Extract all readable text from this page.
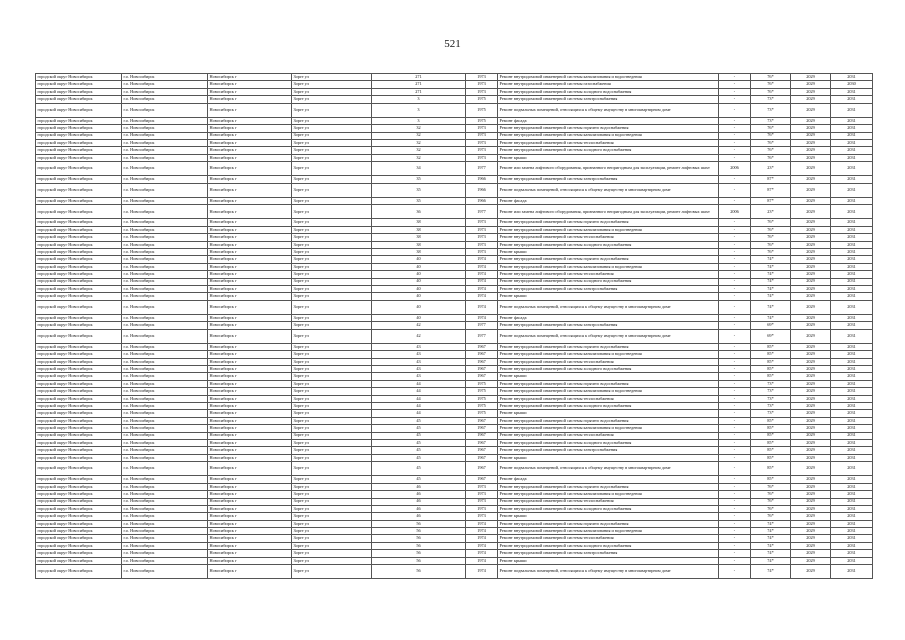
521
городской округ Новосибирск	г.о. Новосибирск	Новосибирск г	Зорге ул	271	1973	Ремонт внутридомовой инженерной системы канализования и водоотведения	-	76*	2029	2031
городской округ Новосибирск	г.о. Новосибирск	Новосибирск г	Зорге ул	271	1973	Ремонт внутридомовой инженерной системы газоснабжения	-	76*	2029	2030
городской округ Новосибирск	г.о. Новосибирск	Новосибирск г	Зорге ул	271	1973	Ремонт внутридомовой инженерной системы холодного водоснабжения	-	76*	2029	2031
городской округ Новосибирск	г.о. Новосибирск	Новосибирск г	Зорге ул	3	1975	Ремонт внутридомовой инженерной системы электроснабжения	-	73*	2029	2031
городской округ Новосибирск	г.о. Новосибирск	Новосибирск г	Зорге ул	3	1975	Ремонт подвальных помещений, относящихся к общему имуществу в многоквартирном доме	-	73*	2029	2031
городской округ Новосибирск	г.о. Новосибирск	Новосибирск г	Зорге ул	3	1975	Ремонт фасада	-	73*	2029	2031
городской округ Новосибирск	г.о. Новосибирск	Новосибирск г	Зорге ул	32	1973	Ремонт внутридомовой инженерной системы горячего водоснабжения	-	76*	2029	2031
городской округ Новосибирск	г.о. Новосибирск	Новосибирск г	Зорге ул	32	1973	Ремонт внутридомовой инженерной системы канализования и водоотведения	-	76*	2029	2031
городской округ Новосибирск	г.о. Новосибирск	Новосибирск г	Зорге ул	32	1973	Ремонт внутридомовой инженерной системы теплоснабжения	-	76*	2029	2031
городской округ Новосибирск	г.о. Новосибирск	Новосибирск г	Зорге ул	32	1973	Ремонт внутридомовой инженерной системы холодного водоснабжения	-	76*	2029	2031
городской округ Новосибирск	г.о. Новосибирск	Новосибирск г	Зорге ул	32	1973	Ремонт крыши	-	76*	2029	2031
городской округ Новосибирск	г.о. Новосибирск	Новосибирск г	Зорге ул	34	1977	Ремонт или замена лифтового оборудования, признанного непригодным для эксплуатации, ремонт лифтовых шахт	2006	23*	2029	2031
городской округ Новосибирск	г.о. Новосибирск	Новосибирск г	Зорге ул	35	1966	Ремонт внутридомовой инженерной системы электроснабжения	-	87*	2029	2031
городской округ Новосибирск	г.о. Новосибирск	Новосибирск г	Зорге ул	35	1966	Ремонт подвальных помещений, относящихся к общему имуществу в многоквартирном доме	-	87*	2029	2031
городской округ Новосибирск	г.о. Новосибирск	Новосибирск г	Зорге ул	35	1966	Ремонт фасада	-	87*	2029	2031
городской округ Новосибирск	г.о. Новосибирск	Новосибирск г	Зорге ул	36	1977	Ремонт или замена лифтового оборудования, признанного непригодным для эксплуатации, ремонт лифтовых шахт	2006	23*	2029	2031
городской округ Новосибирск	г.о. Новосибирск	Новосибирск г	Зорге ул	38	1973	Ремонт внутридомовой инженерной системы горячего водоснабжения	-	76*	2029	2031
городской округ Новосибирск	г.о. Новосибирск	Новосибирск г	Зорге ул	38	1973	Ремонт внутридомовой инженерной системы канализования и водоотведения	-	76*	2029	2031
городской округ Новосибирск	г.о. Новосибирск	Новосибирск г	Зорге ул	38	1973	Ремонт внутридомовой инженерной системы теплоснабжения	-	76*	2029	2031
городской округ Новосибирск	г.о. Новосибирск	Новосибирск г	Зорге ул	38	1973	Ремонт внутридомовой инженерной системы холодного водоснабжения	-	76*	2029	2031
городской округ Новосибирск	г.о. Новосибирск	Новосибирск г	Зорге ул	38	1973	Ремонт крыши	-	76*	2029	2031
городской округ Новосибирск	г.о. Новосибирск	Новосибирск г	Зорге ул	40	1974	Ремонт внутридомовой инженерной системы горячего водоснабжения	-	74*	2029	2031
городской округ Новосибирск	г.о. Новосибирск	Новосибирск г	Зорге ул	40	1974	Ремонт внутридомовой инженерной системы канализования и водоотведения	-	74*	2029	2031
городской округ Новосибирск	г.о. Новосибирск	Новосибирск г	Зорге ул	40	1974	Ремонт внутридомовой инженерной системы теплоснабжения	-	74*	2029	2031
городской округ Новосибирск	г.о. Новосибирск	Новосибирск г	Зорге ул	40	1974	Ремонт внутридомовой инженерной системы холодного водоснабжения	-	74*	2029	2031
городской округ Новосибирск	г.о. Новосибирск	Новосибирск г	Зорге ул	40	1974	Ремонт внутридомовой инженерной системы электроснабжения	-	74*	2029	2031
городской округ Новосибирск	г.о. Новосибирск	Новосибирск г	Зорге ул	40	1974	Ремонт крыши	-	74*	2029	2031
городской округ Новосибирск	г.о. Новосибирск	Новосибирск г	Зорге ул	40	1974	Ремонт подвальных помещений, относящихся к общему имуществу в многоквартирном доме	-	74*	2029	2031
городской округ Новосибирск	г.о. Новосибирск	Новосибирск г	Зорге ул	40	1974	Ремонт фасада	-	74*	2029	2031
городской округ Новосибирск	г.о. Новосибирск	Новосибирск г	Зорге ул	42	1977	Ремонт внутридомовой инженерной системы электроснабжения	-	69*	2029	2031
городской округ Новосибирск	г.о. Новосибирск	Новосибирск г	Зорге ул	42	1977	Ремонт подвальных помещений, относящихся к общему имуществу в многоквартирном доме	-	69*	2029	2031
городской округ Новосибирск	г.о. Новосибирск	Новосибирск г	Зорге ул	43	1967	Ремонт внутридомовой инженерной системы горячего водоснабжения	-	85*	2029	2031
городской округ Новосибирск	г.о. Новосибирск	Новосибирск г	Зорге ул	43	1967	Ремонт внутридомовой инженерной системы канализования и водоотведения	-	85*	2029	2031
городской округ Новосибирск	г.о. Новосибирск	Новосибирск г	Зорге ул	43	1967	Ремонт внутридомовой инженерной системы теплоснабжения	-	85*	2029	2031
городской округ Новосибирск	г.о. Новосибирск	Новосибирск г	Зорге ул	43	1967	Ремонт внутридомовой инженерной системы холодного водоснабжения	-	85*	2029	2031
городской округ Новосибирск	г.о. Новосибирск	Новосибирск г	Зорге ул	43	1967	Ремонт крыши	-	85*	2029	2031
городской округ Новосибирск	г.о. Новосибирск	Новосибирск г	Зорге ул	44	1975	Ремонт внутридомовой инженерной системы горячего водоснабжения	-	73*	2029	2031
городской округ Новосибирск	г.о. Новосибирск	Новосибирск г	Зорге ул	44	1975	Ремонт внутридомовой инженерной системы канализования и водоотведения	-	73*	2029	2031
городской округ Новосибирск	г.о. Новосибирск	Новосибирск г	Зорге ул	44	1975	Ремонт внутридомовой инженерной системы теплоснабжения	-	73*	2029	2031
городской округ Новосибирск	г.о. Новосибирск	Новосибирск г	Зорге ул	44	1975	Ремонт внутридомовой инженерной системы холодного водоснабжения	-	73*	2029	2031
городской округ Новосибирск	г.о. Новосибирск	Новосибирск г	Зорге ул	44	1975	Ремонт крыши	-	73*	2029	2031
городской округ Новосибирск	г.о. Новосибирск	Новосибирск г	Зорге ул	45	1967	Ремонт внутридомовой инженерной системы горячего водоснабжения	-	85*	2029	2031
городской округ Новосибирск	г.о. Новосибирск	Новосибирск г	Зорге ул	45	1967	Ремонт внутридомовой инженерной системы канализования и водоотведения	-	85*	2029	2031
городской округ Новосибирск	г.о. Новосибирск	Новосибирск г	Зорге ул	45	1967	Ремонт внутридомовой инженерной системы теплоснабжения	-	85*	2029	2031
городской округ Новосибирск	г.о. Новосибирск	Новосибирск г	Зорге ул	45	1967	Ремонт внутридомовой инженерной системы холодного водоснабжения	-	85*	2029	2031
городской округ Новосибирск	г.о. Новосибирск	Новосибирск г	Зорге ул	45	1967	Ремонт внутридомовой инженерной системы электроснабжения	-	85*	2029	2031
городской округ Новосибирск	г.о. Новосибирск	Новосибирск г	Зорге ул	45	1967	Ремонт крыши	-	85*	2029	2031
городской округ Новосибирск	г.о. Новосибирск	Новосибирск г	Зорге ул	45	1967	Ремонт подвальных помещений, относящихся к общему имуществу в многоквартирном доме	-	85*	2029	2031
городской округ Новосибирск	г.о. Новосибирск	Новосибирск г	Зорге ул	45	1967	Ремонт фасада	-	85*	2029	2031
городской округ Новосибирск	г.о. Новосибирск	Новосибирск г	Зорге ул	46	1973	Ремонт внутридомовой инженерной системы горячего водоснабжения	-	76*	2029	2031
городской округ Новосибирск	г.о. Новосибирск	Новосибирск г	Зорге ул	46	1973	Ремонт внутридомовой инженерной системы канализования и водоотведения	-	76*	2029	2031
городской округ Новосибирск	г.о. Новосибирск	Новосибирск г	Зорге ул	46	1973	Ремонт внутридомовой инженерной системы теплоснабжения	-	76*	2029	2031
городской округ Новосибирск	г.о. Новосибирск	Новосибирск г	Зорге ул	46	1973	Ремонт внутридомовой инженерной системы холодного водоснабжения	-	76*	2029	2031
городской округ Новосибирск	г.о. Новосибирск	Новосибирск г	Зорге ул	46	1973	Ремонт крыши	-	76*	2029	2031
городской округ Новосибирск	г.о. Новосибирск	Новосибирск г	Зорге ул	56	1974	Ремонт внутридомовой инженерной системы горячего водоснабжения	-	74*	2029	2031
городской округ Новосибирск	г.о. Новосибирск	Новосибирск г	Зорге ул	56	1974	Ремонт внутридомовой инженерной системы канализования и водоотведения	-	74*	2029	2031
городской округ Новосибирск	г.о. Новосибирск	Новосибирск г	Зорге ул	56	1974	Ремонт внутридомовой инженерной системы теплоснабжения	-	74*	2029	2031
городской округ Новосибирск	г.о. Новосибирск	Новосибирск г	Зорге ул	56	1974	Ремонт внутридомовой инженерной системы холодного водоснабжения	-	74*	2029	2031
городской округ Новосибирск	г.о. Новосибирск	Новосибирск г	Зорге ул	56	1974	Ремонт внутридомовой инженерной системы электроснабжения	-	74*	2029	2031
городской округ Новосибирск	г.о. Новосибирск	Новосибирск г	Зорге ул	56	1974	Ремонт крыши	-	74*	2029	2031
городской округ Новосибирск	г.о. Новосибирск	Новосибирск г	Зорге ул	56	1974	Ремонт подвальных помещений, относящихся к общему имуществу в многоквартирном доме	-	74*	2029	2031
